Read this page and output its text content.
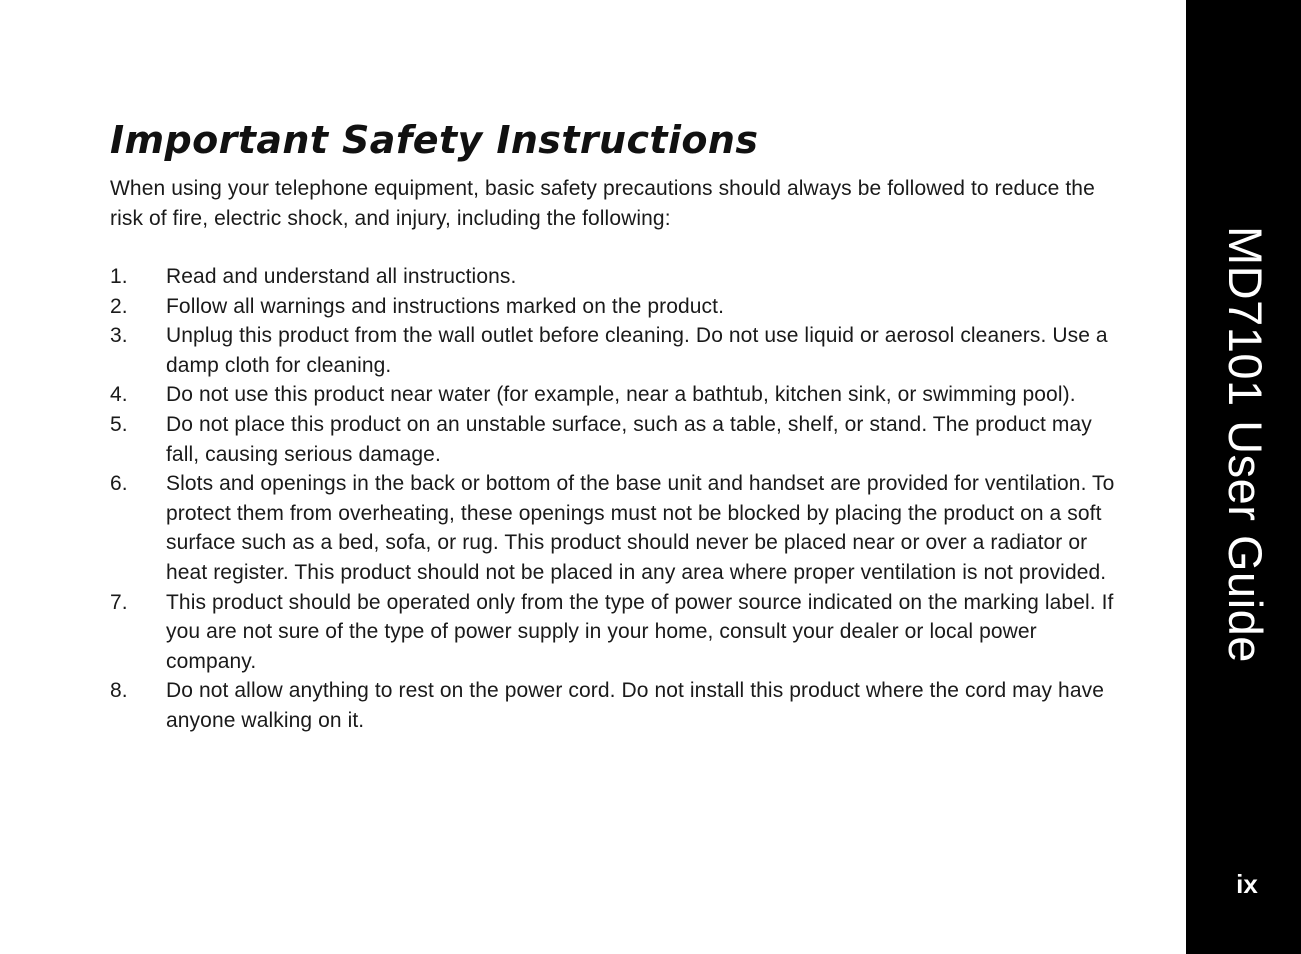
Important Safety Instructions

When using your telephone equipment, basic safety precautions should always be followed to reduce the risk of fire, electric shock, and injury, including the following:

1.	Read and understand all instructions.
2.	Follow all warnings and instructions marked on the product.
3.	Unplug this product from the wall outlet before cleaning. Do not use liquid or aerosol cleaners. Use a damp cloth for cleaning.
4.	Do not use this product near water (for example, near a bathtub, kitchen sink, or swimming pool).
5.	Do not place this product on an unstable surface, such as a table, shelf, or stand. The product may fall, causing serious damage.
6.	Slots and openings in the back or bottom of the base unit and handset are provided for ventilation. To protect them from overheating, these openings must not be blocked by placing the product on a soft surface such as a bed, sofa, or rug. This product should never be placed near or over a radiator or heat register. This product should not be placed in any area where proper ventilation is not provided.
7.	This product should be operated only from the type of power source indicated on the marking label. If you are not sure of the type of power supply in your home, consult your dealer or local power company.
8.	Do not allow anything to rest on the power cord. Do not install this product where the cord may have anyone walking on it.
MD7101 User Guide
ix
